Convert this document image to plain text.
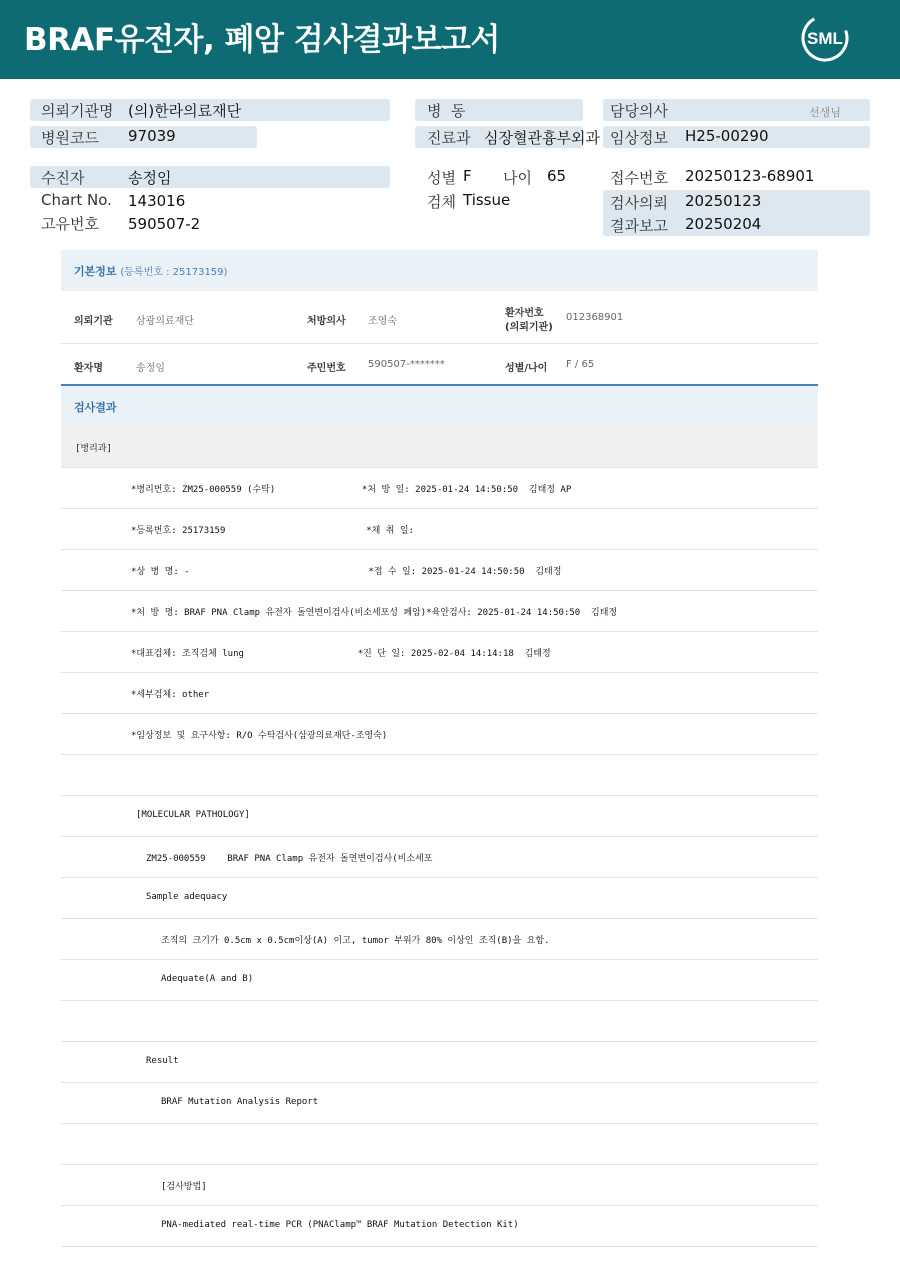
BRAF유전자, 폐암 검사결과보고서	SML
의뢰기관명 (의)한라의료재단
병원코드 97039
병  동
진료과 심장혈관흉부외과
담당의사	선생님
임상정보 H25-00290
수진자	송정임
Chart No. 143016
고유번호 590507-2
성별 F 나이 65
검체 Tissue
접수번호 20250123-68901
검사의뢰 20250123
결과보고 20250204
기본정보 (등록번호 : 25173159)
의뢰기관 삼광의료재단	처방의사 조영숙
환자번호
(의뢰기관)
012368901
환자명	송정임	주민번호 590507-*******	성별/나이 F / 65
검사결과
[병리과]
*병리번호: ZM25-000559 (수탁)                *처 방 일: 2025-01-24 14:50:50  김태정 AP
*등록번호: 25173159                          *채 취 일:
*상 병 명: -                                 *접 수 일: 2025-01-24 14:50:50  김태정
*처 방 명: BRAF PNA Clamp 유전자 돌연변이검사(비소세포성 폐암)*육안검사: 2025-01-24 14:50:50  김태정
*대표검체: 조직검체 lung                     *진 단 일: 2025-02-04 14:14:18  김태정
*세부검체: other
*임상정보 및 요구사항: R/O 수탁검사(삼광의료재단-조영숙)
[MOLECULAR PATHOLOGY]
ZM25-000559    BRAF PNA Clamp 유전자 돌연변이검사(비소세포
Sample adequacy
조직의 크기가 0.5cm x 0.5cm이상(A) 이고, tumor 부위가 80% 이상인 조직(B)을 요함.
Adequate(A and B)
Result
BRAF Mutation Analysis Report
[검사방법]
PNA-mediated real-time PCR (PNAClamp™ BRAF Mutation Detection Kit)
